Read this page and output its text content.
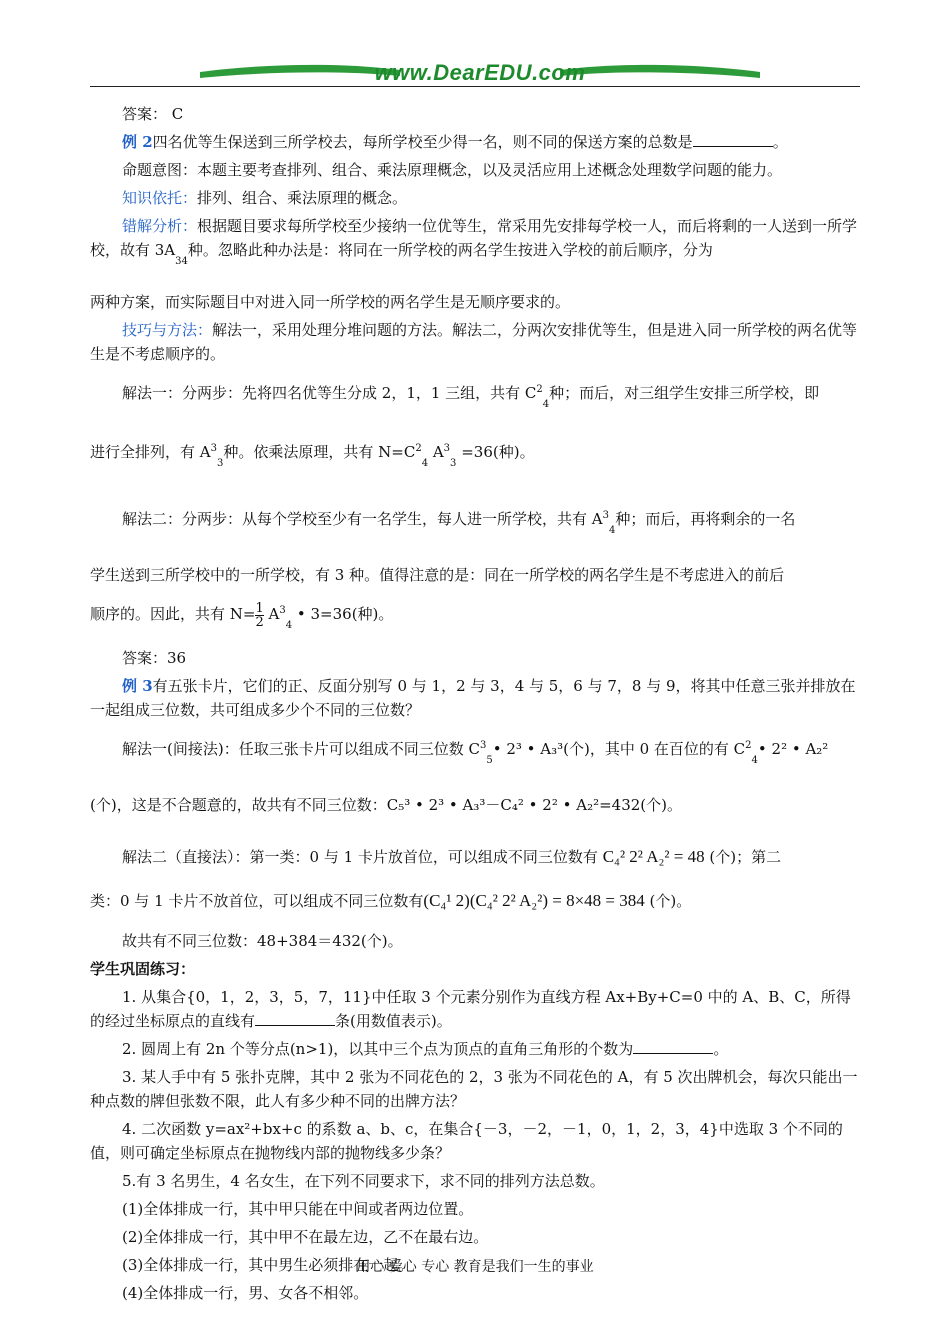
www.DearEDU.com

答案： C

例 2四名优等生保送到三所学校去，每所学校至少得一名，则不同的保送方案的总数是	。

命题意图：本题主要考查排列、组合、乘法原理概念，以及灵活应用上述概念处理数学问题的能力。

知识依托：排列、组合、乘法原理的概念。

错解分析：根据题目要求每所学校至少接纳一位优等生，常采用先安排每学校一人，而后将剩的一人送到一所学校，故有 $3A_{34}$种。忽略此种办法是：将同在一所学校的两名学生按进入学校的前后顺序，分为

两种方案，而实际题目中对进入同一所学校的两名学生是无顺序要求的。

技巧与方法：解法一，采用处理分堆问题的方法。解法二，分两次安排优等生，但是进入同一所学校的两名优等生是不考虑顺序的。

解法一：分两步：先将四名优等生分成 2，1，1 三组，共有 $C^2_4$种；而后，对三组学生安排三所学校，即

进行全排列，有 $A^3_3$种。依乘法原理，共有 $N=C^2_4$ $A^3_3 =36$(种)。

解法二：分两步：从每个学校至少有一名学生，每人进一所学校，共有 $A^3_4$种；而后，再将剩余的一名

学生送到三所学校中的一所学校，有 3 种。值得注意的是：同在一所学校的两名学生是不考虑进入的前后

顺序的。因此，共有 $N= \frac{1}{2} A^3_4$ • 3=36(种)。

答案：36

例 3有五张卡片，它们的正、反面分别写 0 与 1，2 与 3，4 与 5，6 与 7，8 与 9，将其中任意三张并排放在一起组成三位数，共可组成多少个不同的三位数？

解法一(间接法)：任取三张卡片可以组成不同三位数 $C^3_5•$ 2³ • A₃³(个)，其中 0 在百位的有 $C^2_4•$ 2² • A₂²

(个)，这是不合题意的，故共有不同三位数：C₅³ • 2³ • A₃³－C₄² • 2² • A₂²=432(个)。

解法二（直接法）：第一类：0 与 1 卡片放首位，可以组成不同三位数有 C₄² 2² A₂² = 48 (个)；第二

类：0 与 1 卡片不放首位，可以组成不同三位数有(C₄¹ 2)(C₄² 2² A₂²) = 8×48 = 384 (个)。

故共有不同三位数：48+384＝432(个)。

学生巩固练习：

1. 从集合{0，1，2，3，5，7，11}中任取 3 个元素分别作为直线方程 Ax+By+C=0 中的 A、B、C，所得的经过坐标原点的直线有	条(用数值表示)。

2. 圆周上有 2n 个等分点(n>1)，以其中三个点为顶点的直角三角形的个数为	。

3. 某人手中有 5 张扑克牌，其中 2 张为不同花色的 2，3 张为不同花色的 A，有 5 次出牌机会，每次只能出一种点数的牌但张数不限，此人有多少种不同的出牌方法？

4. 二次函数 y=ax²+bx+c 的系数 a、b、c，在集合{－3，－2，－1，0，1，2，3，4}中选取 3 个不同的值，则可确定坐标原点在抛物线内部的抛物线多少条？

5.有 3 名男生，4 名女生，在下列不同要求下，求不同的排列方法总数。

(1)全体排成一行，其中甲只能在中间或者两边位置。

(2)全体排成一行，其中甲不在最左边，乙不在最右边。

(3)全体排成一行，其中男生必须排在一起。

(4)全体排成一行，男、女各不相邻。

用心 爱心 专心 教育是我们一生的事业
